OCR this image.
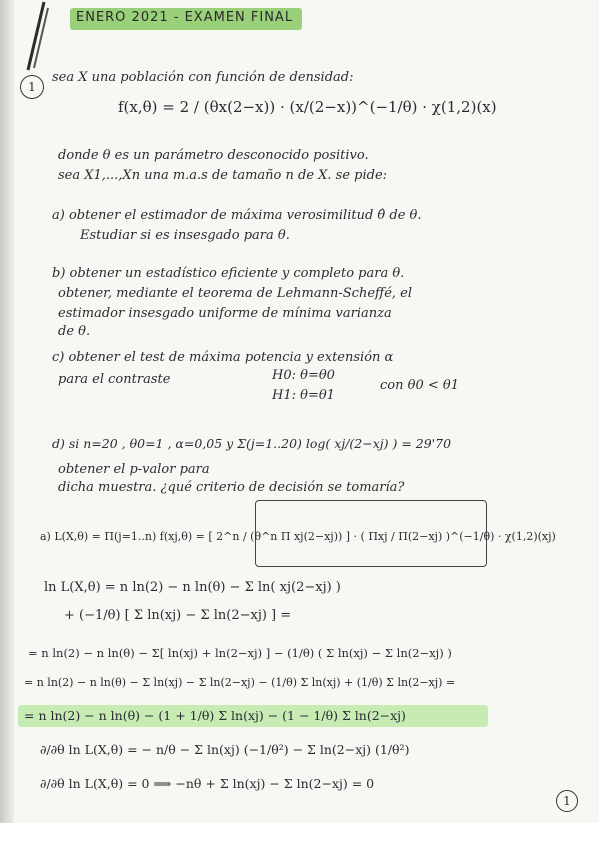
ENERO 2021 - EXAMEN FINAL
1
sea X una población con función de densidad:
f(x,θ) = 2 / (θx(2−x)) · (x/(2−x))^(−1/θ) · χ(1,2)(x)
donde θ es un parámetro desconocido positivo.
sea X1,...,Xn una m.a.s de tamaño n de X. se pide:
a) obtener el estimador de máxima verosimilitud θ̂ de θ.
Estudiar si es insesgado para θ.
b) obtener un estadístico eficiente y completo para θ.
obtener, mediante el teorema de Lehmann-Scheffé, el
estimador insesgado uniforme de mínima varianza
de θ.
c) obtener el test de máxima potencia y extensión α
para el contraste	H0: θ=θ0
H1: θ=θ1
con θ0 < θ1
d) si n=20 , θ0=1 , α=0,05 y Σ(j=1..20) log( xj/(2−xj) ) = 29'70
obtener el p-valor para
dicha muestra. ¿qué criterio de decisión se tomaría?
a) L(X,θ) = Π(j=1..n) f(xj,θ) = [ 2^n / (θ^n Π xj(2−xj)) ] · ( Πxj / Π(2−xj) )^(−1/θ) · χ(1,2)(xj)
ln L(X,θ) = n ln(2) − n ln(θ) − Σ ln( xj(2−xj) )
+ (−1/θ) [ Σ ln(xj) − Σ ln(2−xj) ] =
= n ln(2) − n ln(θ) − Σ[ ln(xj) + ln(2−xj) ] − (1/θ) ( Σ ln(xj) − Σ ln(2−xj) )
= n ln(2) − n ln(θ) − Σ ln(xj) − Σ ln(2−xj) − (1/θ) Σ ln(xj) + (1/θ) Σ ln(2−xj) =
= n ln(2) − n ln(θ) − (1 + 1/θ) Σ ln(xj) − (1 − 1/θ) Σ ln(2−xj)
∂/∂θ ln L(X,θ) = − n/θ − Σ ln(xj) (−1/θ²) − Σ ln(2−xj) (1/θ²)
∂/∂θ ln L(X,θ) = 0 ⟹ −nθ + Σ ln(xj) − Σ ln(2−xj) = 0
1
